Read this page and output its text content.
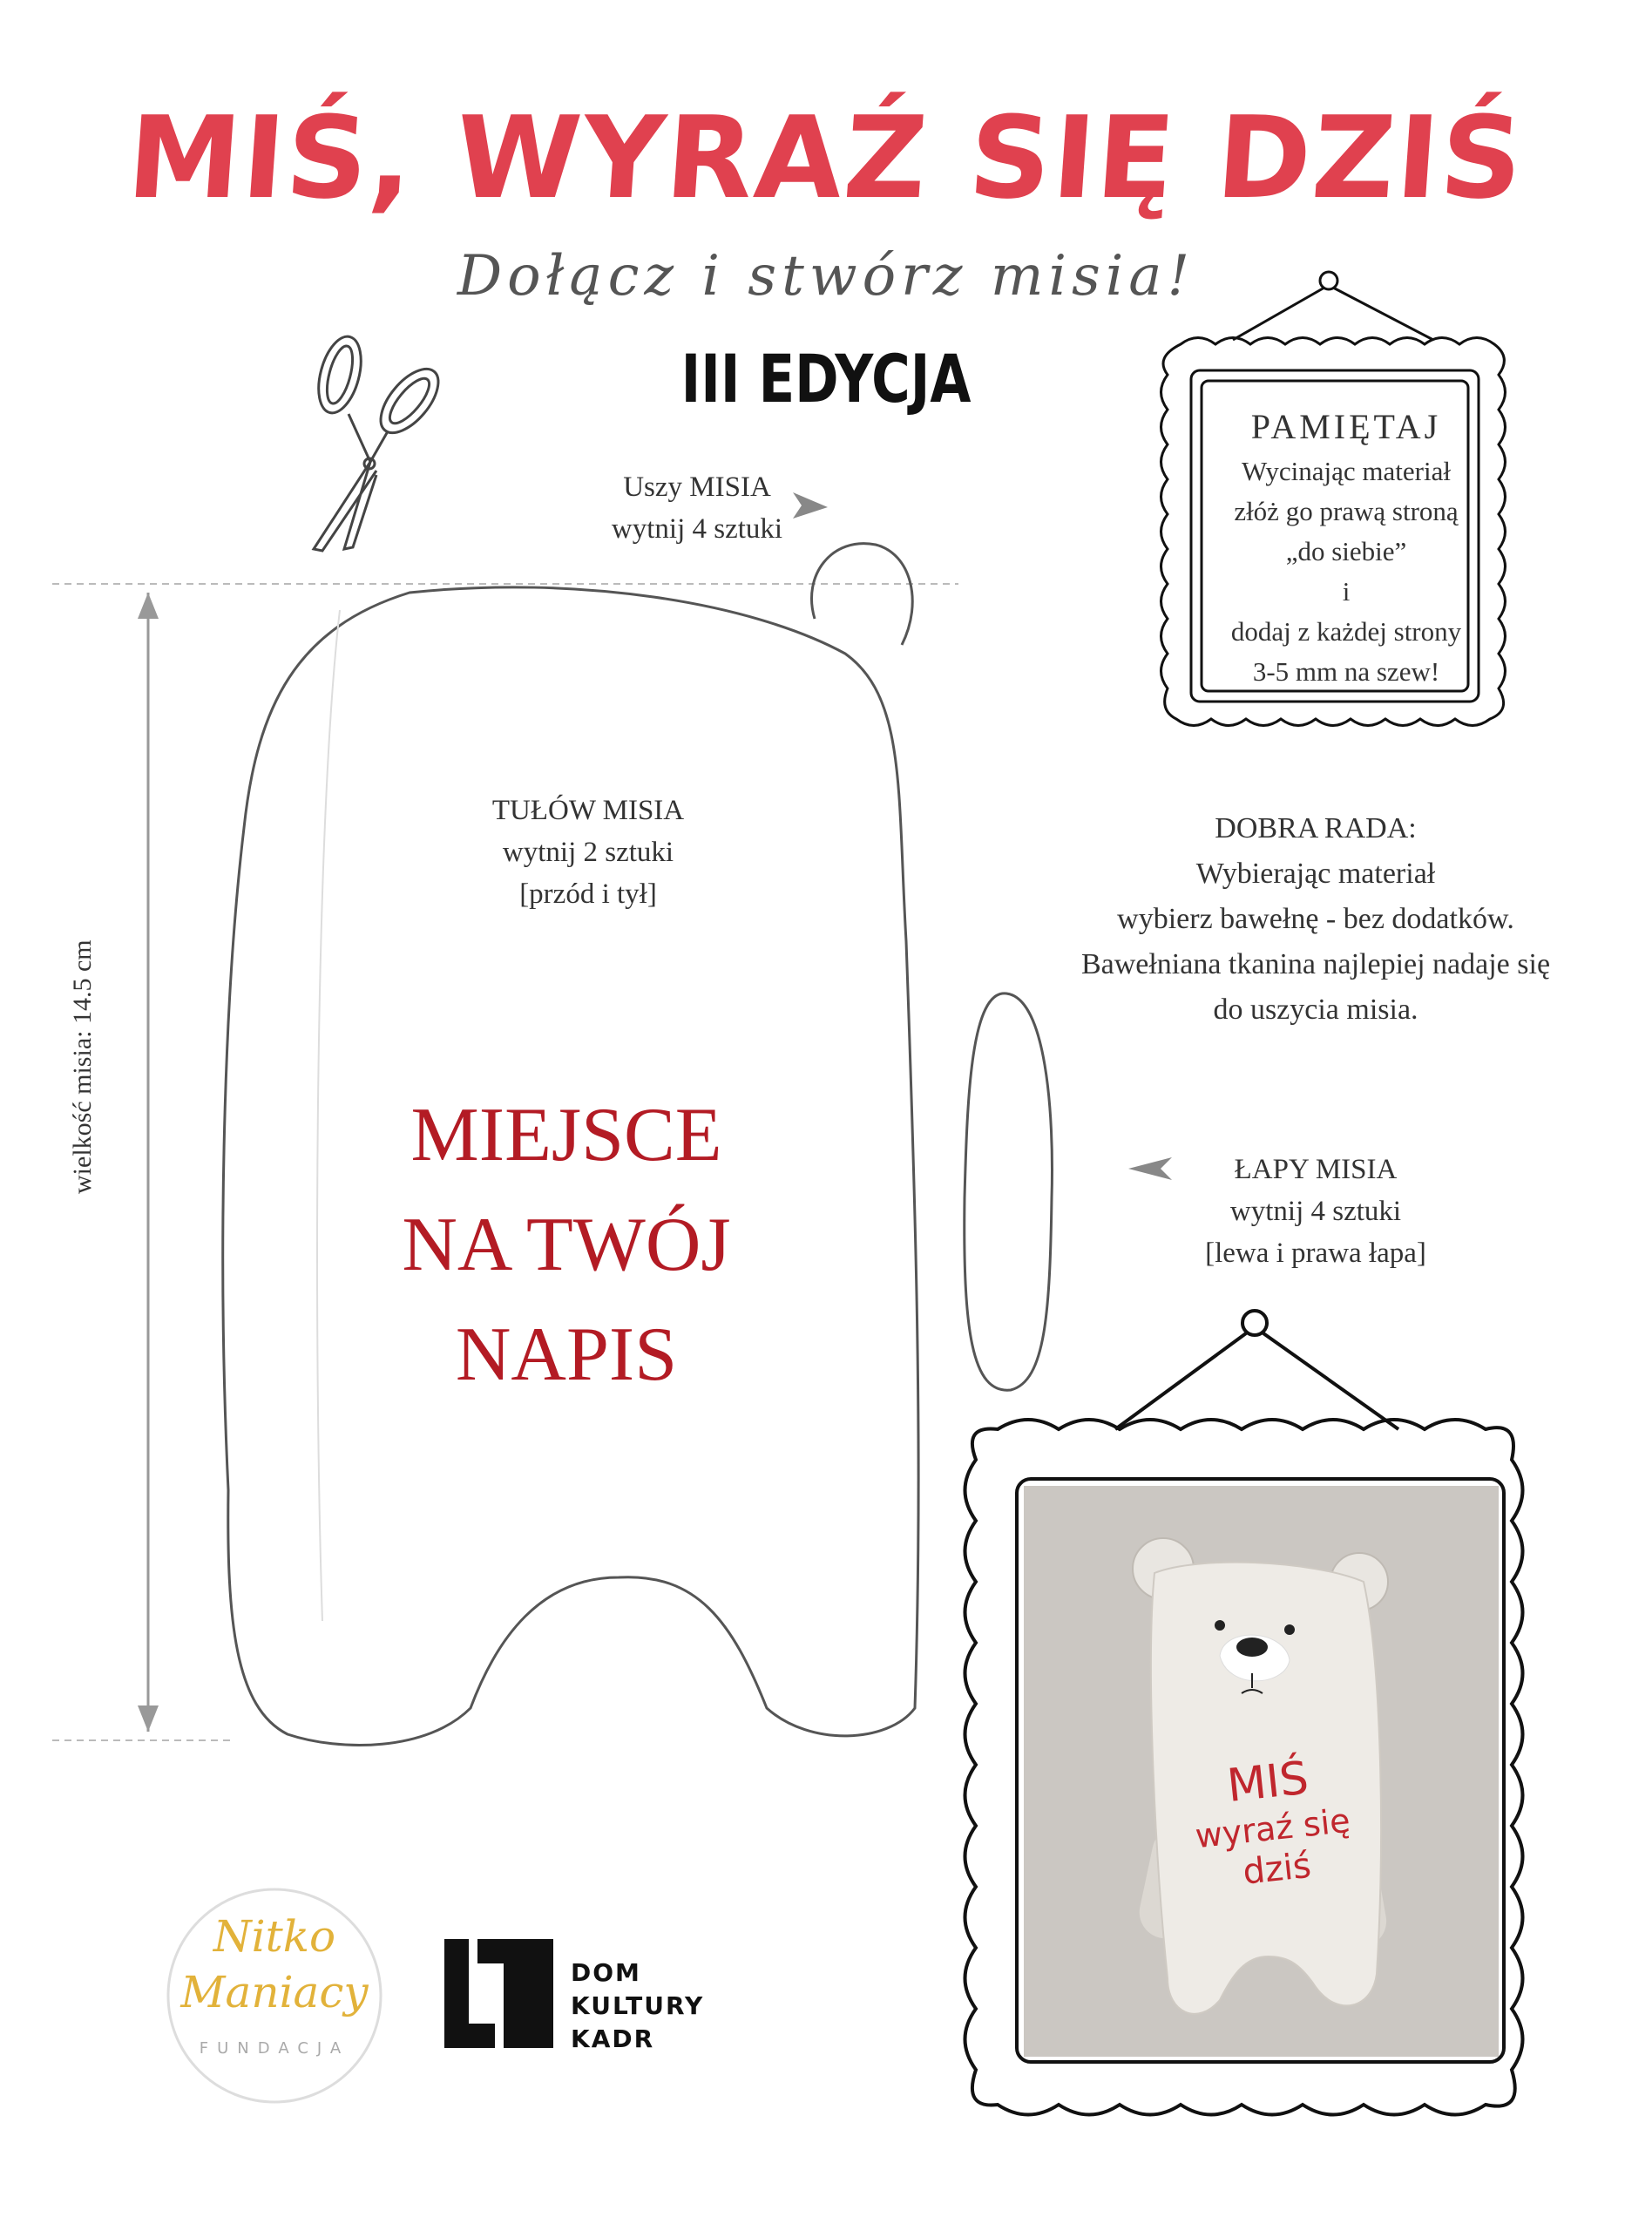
MIŚ, WYRAŹ SIĘ DZIŚ
Dołącz i stwórz misia!
III EDYCJA
wielkość misia: 14.5 cm
Uszy MISIA
wytnij 4 sztuki
TUŁÓW MISIA
wytnij 2 sztuki
[przód i tył]
MIEJSCE
NA TWÓJ
NAPIS
PAMIĘTAJ
Wycinając materiał
złóż go prawą stroną
„do siebie”
i
dodaj z każdej strony
3-5 mm na szew!
DOBRA RADA:
Wybierając materiał
wybierz bawełnę - bez dodatków.
Bawełniana tkanina najlepiej nadaje się
do uszycia misia.
ŁAPY MISIA
wytnij 4 sztuki
[lewa i prawa łapa]
MIŚ
wyraź się
dziś
Nitko
Maniacy
FUNDACJA
DOM
KULTURY
KADR
